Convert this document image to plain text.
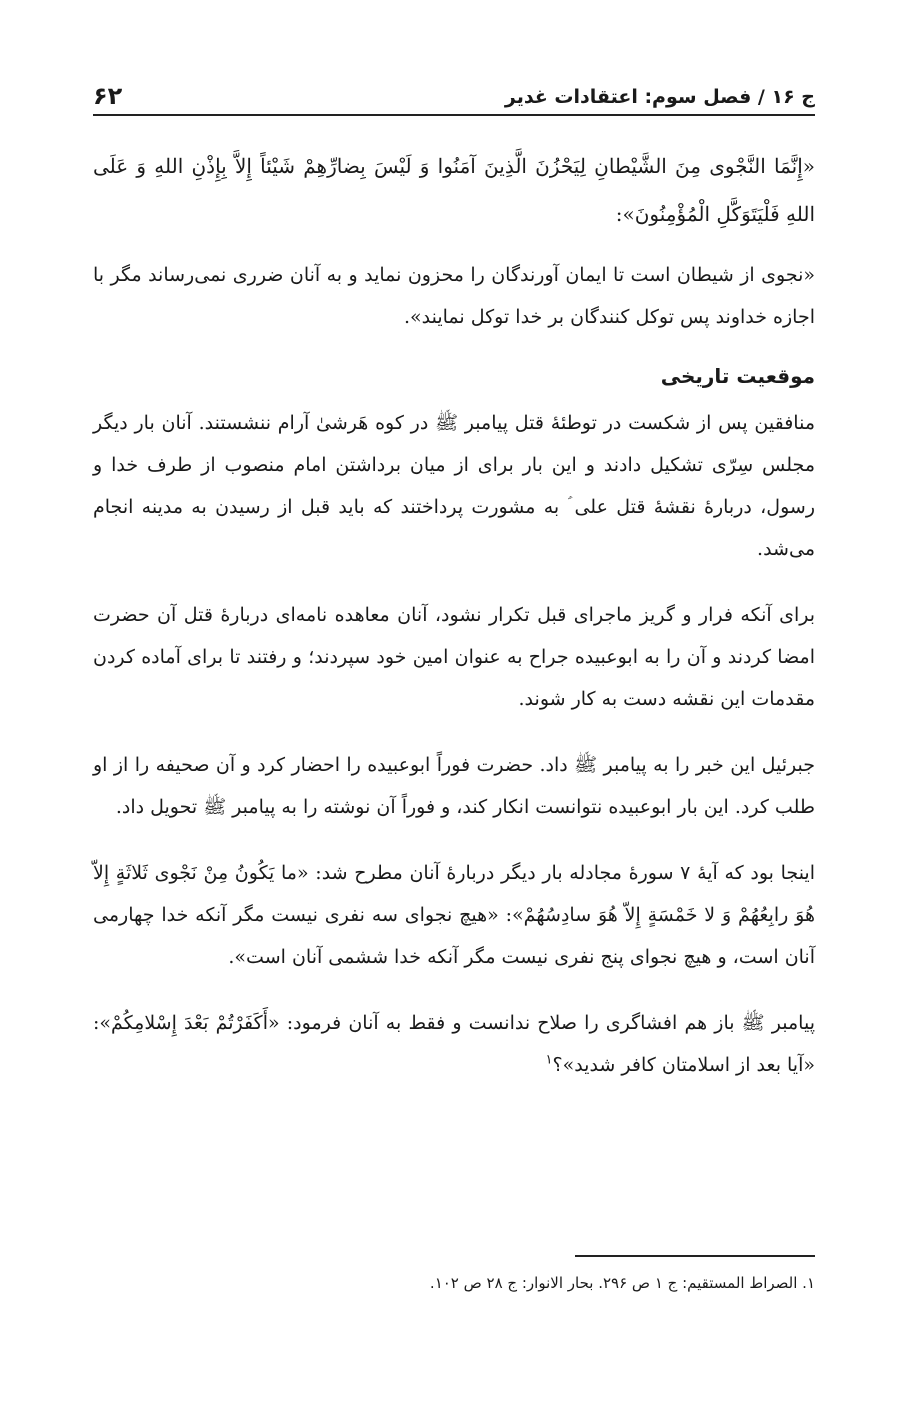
ج ۱۶ / فصل سوم: اعتقادات غدیر
۶۲

«إِنَّمَا النَّجْوی مِنَ الشَّیْطانِ لِیَحْزُنَ الَّذِینَ آمَنُوا وَ لَیْسَ بِضارِّهِمْ شَیْئاً إِلاَّ بِإِذْنِ اللهِ وَ عَلَی اللهِ فَلْیَتَوَکَّلِ الْمُؤْمِنُونَ»:

«نجوی از شیطان است تا ایمان آورندگان را محزون نماید و به آنان ضرری نمی‌رساند مگر با اجازه خداوند پس توکل کنندگان بر خدا توکل نمایند».

موقعیت تاریخی

منافقین پس از شکست در توطئهٔ قتل پیامبر ﷺ در کوه هَرشیٰ آرام ننشستند. آنان بار دیگر مجلس سِرّی تشکیل دادند و این بار برای از میان برداشتن امام منصوب از طرف خدا و رسول، دربارهٔ نقشهٔ قتل علی ؑ به مشورت پرداختند که باید قبل از رسیدن به مدینه انجام می‌شد.

برای آنکه فرار و گریز ماجرای قبل تکرار نشود، آنان معاهده نامه‌ای دربارهٔ قتل آن حضرت امضا کردند و آن را به ابوعبیده جراح به عنوان امین خود سپردند؛ و رفتند تا برای آماده کردن مقدمات این نقشه دست به کار شوند.

جبرئیل این خبر را به پیامبر ﷺ داد. حضرت فوراً ابوعبیده را احضار کرد و آن صحیفه را از او طلب کرد. این بار ابوعبیده نتوانست انکار کند، و فوراً آن نوشته را به پیامبر ﷺ تحویل داد.

اینجا بود که آیهٔ ۷ سورهٔ مجادله بار دیگر دربارهٔ آنان مطرح شد: «ما یَکُونُ مِنْ نَجْوی ثَلاثَةٍ إِلاّ هُوَ رابِعُهُمْ وَ لا خَمْسَةٍ إِلاّ هُوَ سادِسُهُمْ»: «هیچ نجوای سه نفری نیست مگر آنکه خدا چهارمی آنان است، و هیچ نجوای پنج نفری نیست مگر آنکه خدا ششمی آنان است».

پیامبر ﷺ باز هم افشاگری را صلاح ندانست و فقط به آنان فرمود: «أَکَفَرْتُمْ بَعْدَ إِسْلامِکُمْ»: «آیا بعد از اسلامتان کافر شدید»؟$^۱$

۱. الصراط المستقیم: ج ۱ ص ۲۹۶. بحار الانوار: ج ۲۸ ص ۱۰۲.
